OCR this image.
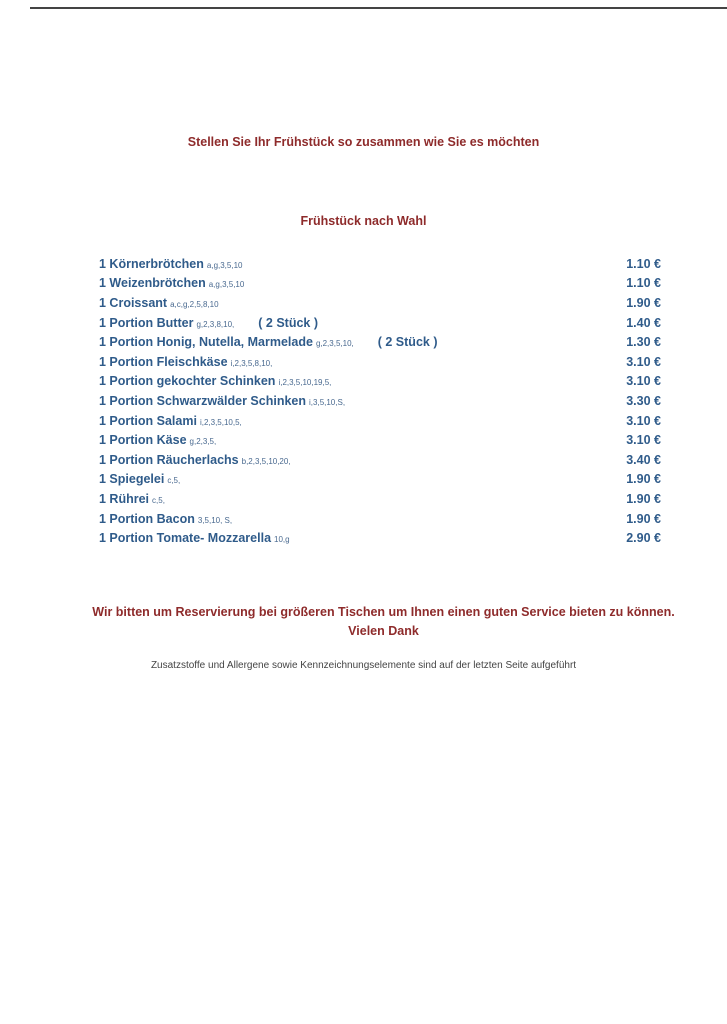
Stellen Sie Ihr Frühstück so zusammen wie Sie es möchten
Frühstück nach Wahl
1 Körnerbrötchen a,g,3,5,10	1.10 €
1 Weizenbrötchen a,g,3,5,10	1.10 €
1 Croissant a,c,g,2,5,8,10	1.90 €
1 Portion Butter g,2,3,8,10, ( 2 Stück )	1.40 €
1 Portion Honig, Nutella, Marmelade g,2,3,5,10, ( 2 Stück )	1.30 €
1 Portion Fleischkäse i,2,3,5,8,10,	3.10 €
1 Portion gekochter Schinken i,2,3,5,10,19,5,	3.10 €
1 Portion Schwarzwälder Schinken i,3,5,10,S,	3.30 €
1 Portion Salami i,2,3,5,10,5,	3.10 €
1 Portion Käse g,2,3,5,	3.10 €
1 Portion Räucherlachs b,2,3,5,10,20,	3.40 €
1 Spiegelei c,5,	1.90 €
1 Rührei c,5,	1.90 €
1 Portion Bacon 3,5,10, S,	1.90 €
1 Portion Tomate- Mozzarella 10,g	2.90 €
Wir bitten um Reservierung bei größeren Tischen um Ihnen einen guten Service bieten zu können.
Vielen Dank
Zusatzstoffe und Allergene sowie Kennzeichnungselemente sind auf der letzten Seite aufgeführt
